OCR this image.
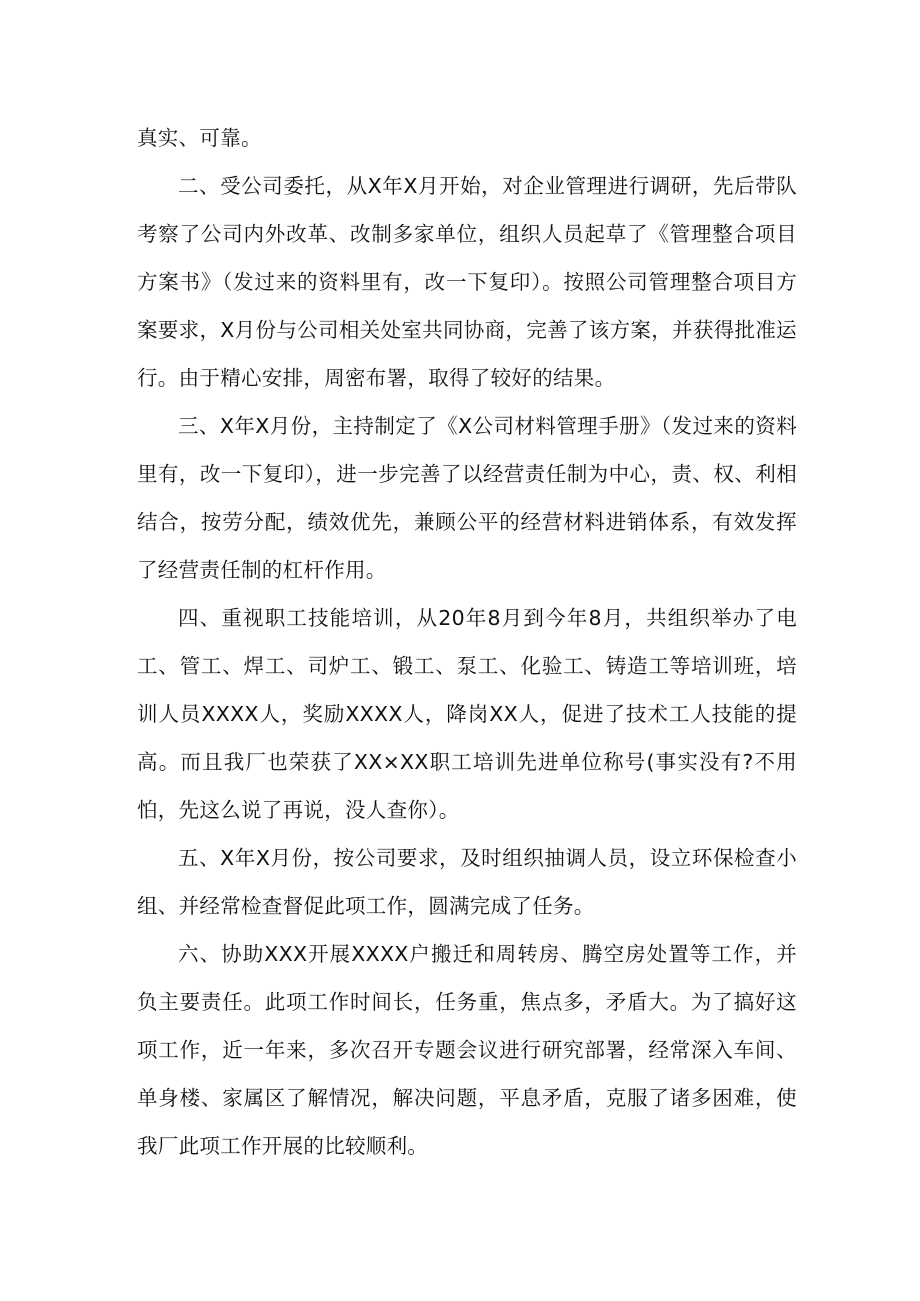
真实、可靠。

二、受公司委托，从X年X月开始，对企业管理进行调研，先后带队考察了公司内外改革、改制多家单位，组织人员起草了《管理整合项目方案书》（发过来的资料里有，改一下复印）。按照公司管理整合项目方案要求，X月份与公司相关处室共同协商，完善了该方案，并获得批准运行。由于精心安排，周密布署，取得了较好的结果。

三、X年X月份，主持制定了《X公司材料管理手册》（发过来的资料里有，改一下复印），进一步完善了以经营责任制为中心，责、权、利相结合，按劳分配，绩效优先，兼顾公平的经营材料进销体系，有效发挥了经营责任制的杠杆作用。

四、重视职工技能培训，从20年8月到今年8月，共组织举办了电工、管工、焊工、司炉工、锻工、泵工、化验工、铸造工等培训班，培训人员XXXX人，奖励XXXX人，降岗XX人，促进了技术工人技能的提高。而且我厂也荣获了XX×XX职工培训先进单位称号(事实没有?不用怕，先这么说了再说，没人查你）。

五、X年X月份，按公司要求，及时组织抽调人员，设立环保检查小组、并经常检查督促此项工作，圆满完成了任务。

六、协助XXX开展XXXX户搬迁和周转房、腾空房处置等工作，并负主要责任。此项工作时间长，任务重，焦点多，矛盾大。为了搞好这项工作，近一年来，多次召开专题会议进行研究部署，经常深入车间、单身楼、家属区了解情况，解决问题，平息矛盾，克服了诸多困难，使我厂此项工作开展的比较顺利。
